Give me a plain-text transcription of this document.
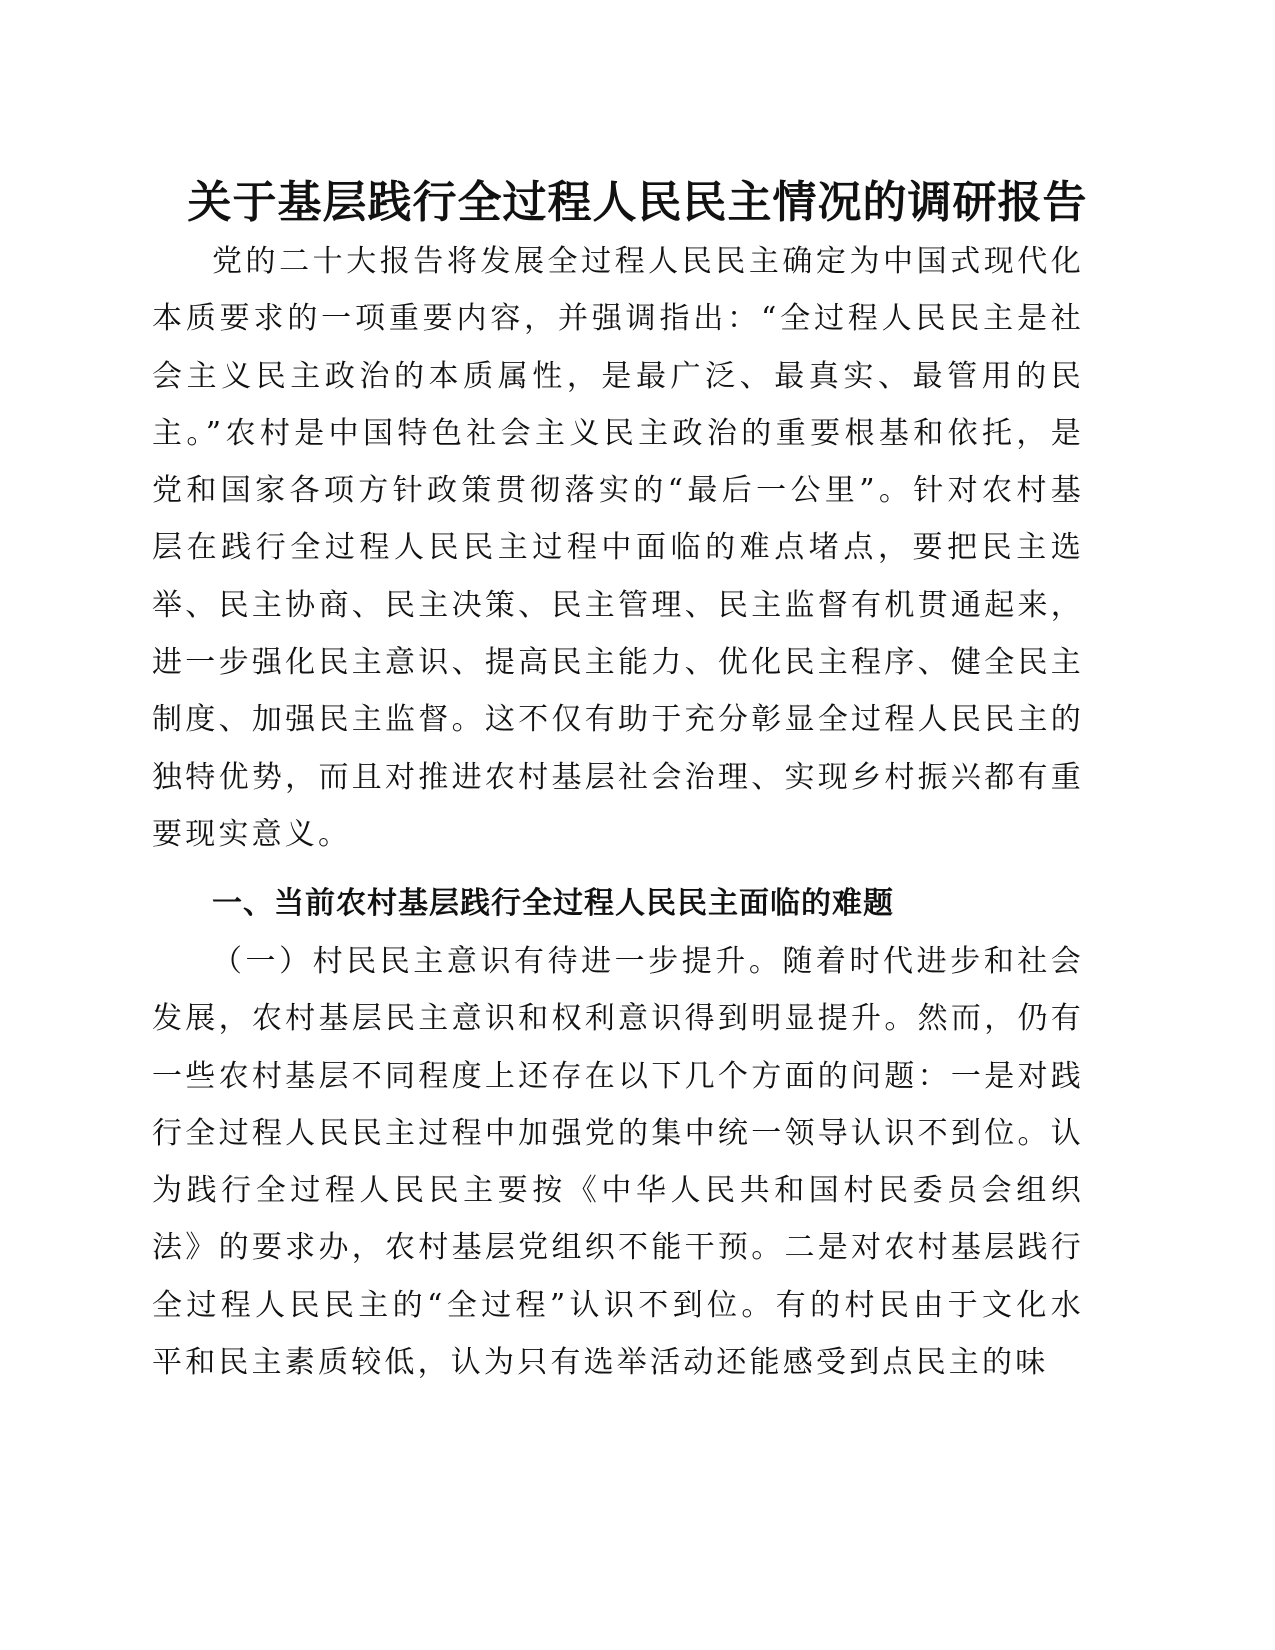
关于基层践行全过程人民民主情况的调研报告
党的二十大报告将发展全过程人民民主确定为中国式现代化本质要求的一项重要内容，并强调指出：“全过程人民民主是社会主义民主政治的本质属性，是最广泛、最真实、最管用的民主。”农村是中国特色社会主义民主政治的重要根基和依托，是党和国家各项方针政策贯彻落实的“最后一公里”。针对农村基层在践行全过程人民民主过程中面临的难点堵点，要把民主选举、民主协商、民主决策、民主管理、民主监督有机贯通起来，进一步强化民主意识、提高民主能力、优化民主程序、健全民主制度、加强民主监督。这不仅有助于充分彰显全过程人民民主的独特优势，而且对推进农村基层社会治理、实现乡村振兴都有重要现实意义。
一、当前农村基层践行全过程人民民主面临的难题
（一）村民民主意识有待进一步提升。随着时代进步和社会发展，农村基层民主意识和权利意识得到明显提升。然而，仍有一些农村基层不同程度上还存在以下几个方面的问题：一是对践行全过程人民民主过程中加强党的集中统一领导认识不到位。认为践行全过程人民民主要按《中华人民共和国村民委员会组织法》的要求办，农村基层党组织不能干预。二是对农村基层践行全过程人民民主的“全过程”认识不到位。有的村民由于文化水平和民主素质较低，认为只有选举活动还能感受到点民主的味
